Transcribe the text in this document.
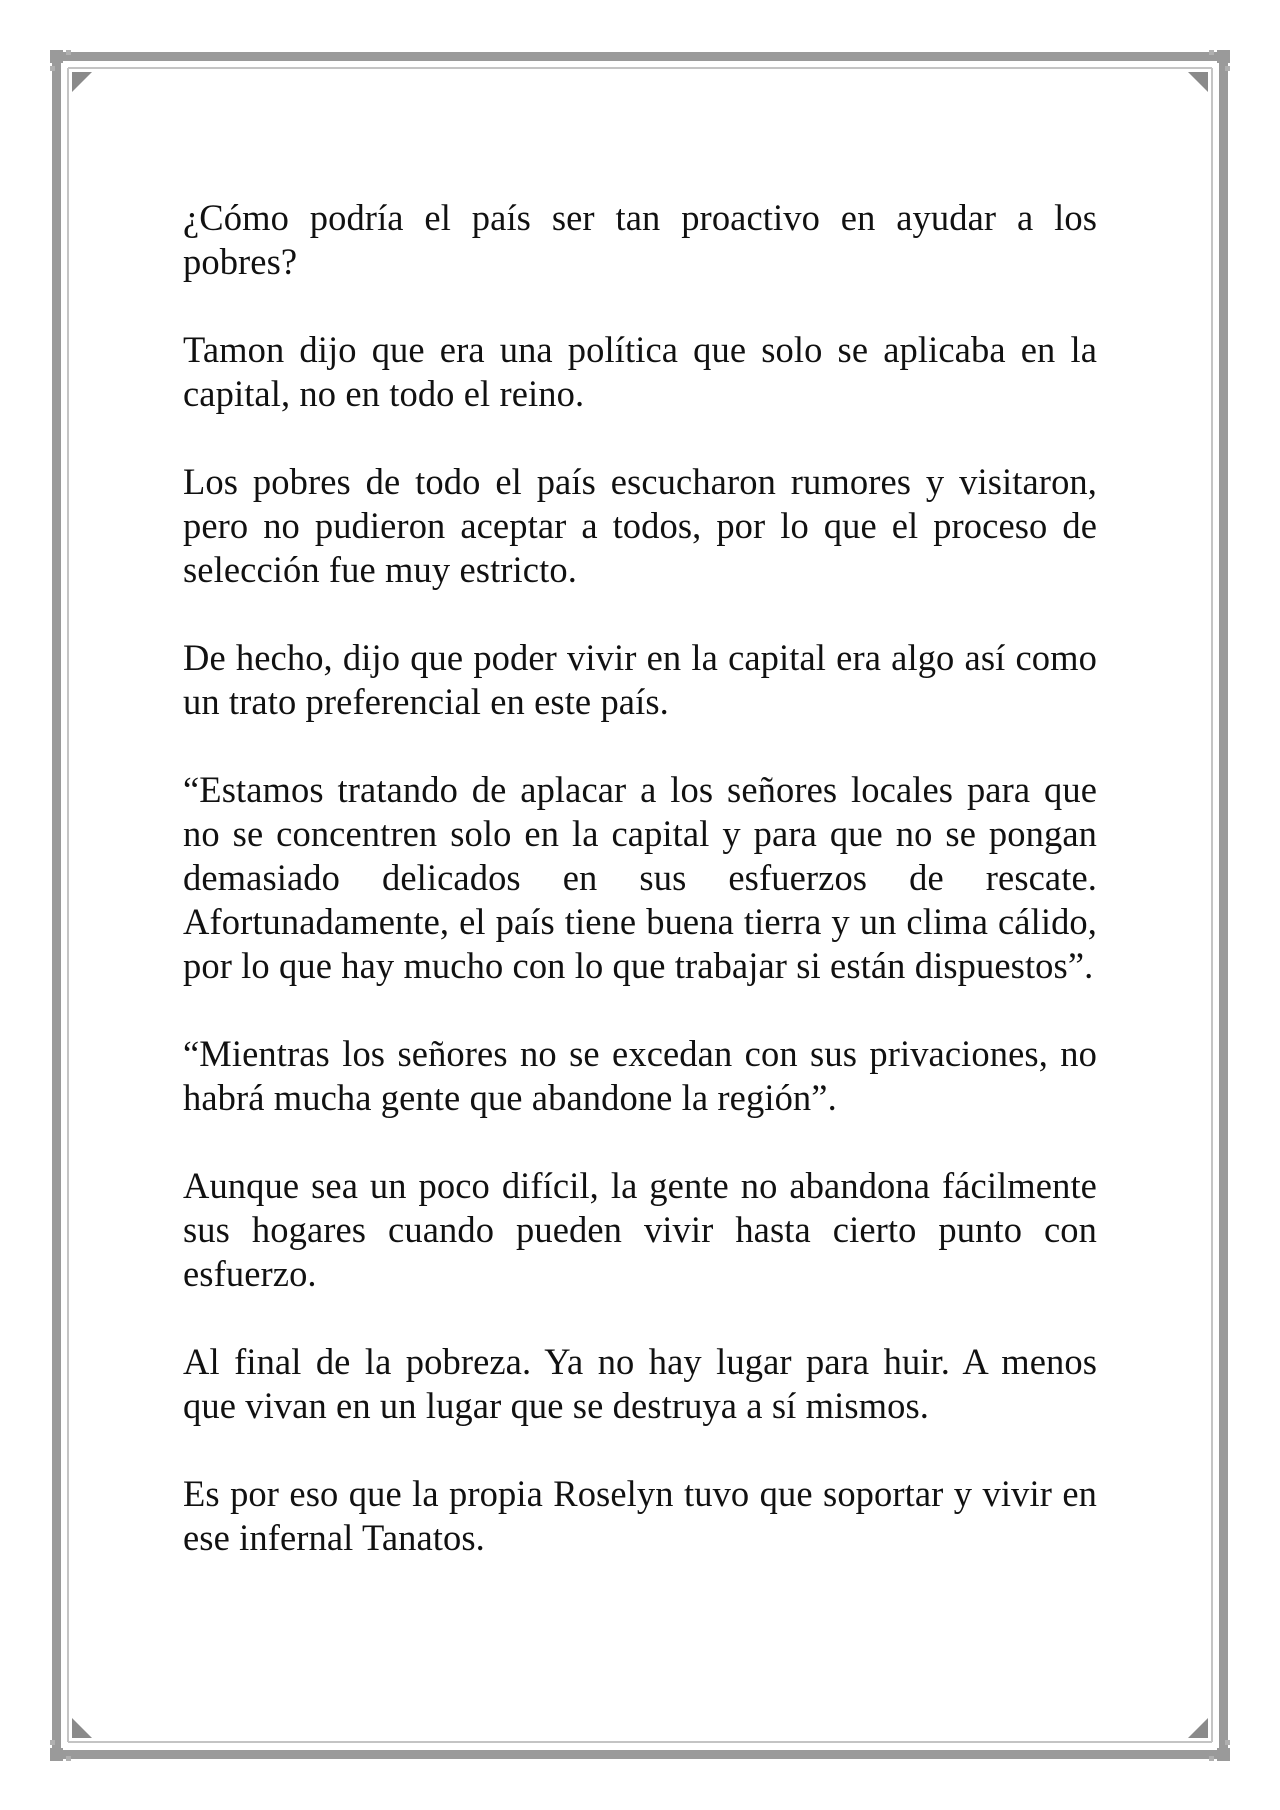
¿Cómo podría el país ser tan proactivo en ayudar a los pobres?

Tamon dijo que era una política que solo se aplicaba en la capital, no en todo el reino.

Los pobres de todo el país escucharon rumores y visitaron, pero no pudieron aceptar a todos, por lo que el proceso de selección fue muy estricto.

De hecho, dijo que poder vivir en la capital era algo así como un trato preferencial en este país.

“Estamos tratando de aplacar a los señores locales para que no se concentren solo en la capital y para que no se pongan demasiado delicados en sus esfuerzos de rescate. Afortunadamente, el país tiene buena tierra y un clima cálido, por lo que hay mucho con lo que trabajar si están dispuestos”.

“Mientras los señores no se excedan con sus privaciones, no habrá mucha gente que abandone la región”.

Aunque sea un poco difícil, la gente no abandona fácilmente sus hogares cuando pueden vivir hasta cierto punto con esfuerzo.

Al final de la pobreza. Ya no hay lugar para huir. A menos que vivan en un lugar que se destruya a sí mismos.

Es por eso que la propia Roselyn tuvo que soportar y vivir en ese infernal Tanatos.
